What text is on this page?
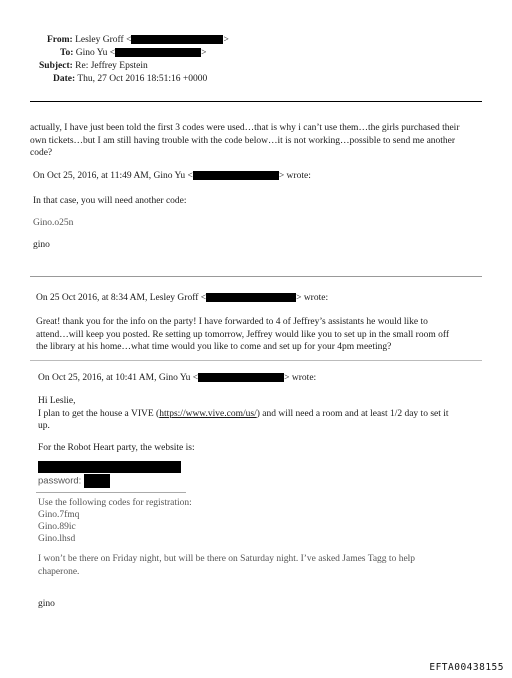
From: Lesley Groff <	>
To: Gino Yu <	>
Subject: Re: Jeffrey Epstein
Date: Thu, 27 Oct 2016 18:51:16 +0000
actually, I have just been told the first 3 codes were used…that is why i can’t use them…the girls purchased their
own tickets…but I am still having trouble with the code below…it is not working…possible to send me another
code?
On Oct 25, 2016, at 11:49 AM, Gino Yu <	> wrote:
In that case, you will need another code:
Gino.o25n
gino
On 25 Oct 2016, at 8:34 AM, Lesley Groff <	> wrote:
Great! thank you for the info on the party! I have forwarded to 4 of Jeffrey’s assistants he would like to
attend…will keep you posted. Re setting up tomorrow, Jeffrey would like you to set up in the small room off
the library at his home…what time would you like to come and set up for your 4pm meeting?
On Oct 25, 2016, at 10:41 AM, Gino Yu <	> wrote:
Hi Leslie,
I plan to get the house a VIVE (https://www.vive.com/us/) and will need a room and at least 1/2 day to set it
up.
For the Robot Heart party, the website is:
password:
Use the following codes for registration:
Gino.7fmq
Gino.89ic
Gino.lhsd
I won’t be there on Friday night, but will be there on Saturday night. I’ve asked James Tagg to help
chaperone.
gino
EFTA00438155
